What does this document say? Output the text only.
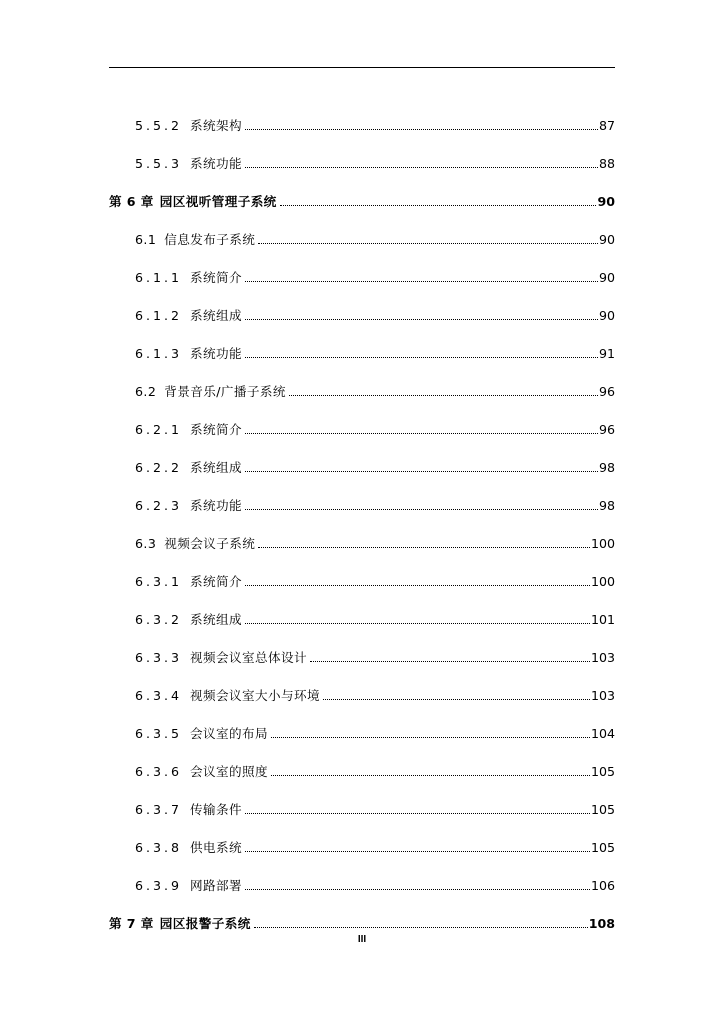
5.5.2 系统架构	87
5.5.3 系统功能	88
第 6 章 园区视听管理子系统	90
6.1 信息发布子系统	90
6.1.1 系统简介	90
6.1.2 系统组成	90
6.1.3 系统功能	91
6.2 背景音乐/广播子系统	96
6.2.1 系统简介	96
6.2.2 系统组成	98
6.2.3 系统功能	98
6.3 视频会议子系统	100
6.3.1 系统简介	100
6.3.2 系统组成	101
6.3.3 视频会议室总体设计	103
6.3.4 视频会议室大小与环境	103
6.3.5 会议室的布局	104
6.3.6 会议室的照度	105
6.3.7 传输条件	105
6.3.8 供电系统	105
6.3.9 网路部署	106
第 7 章 园区报警子系统	108
III
